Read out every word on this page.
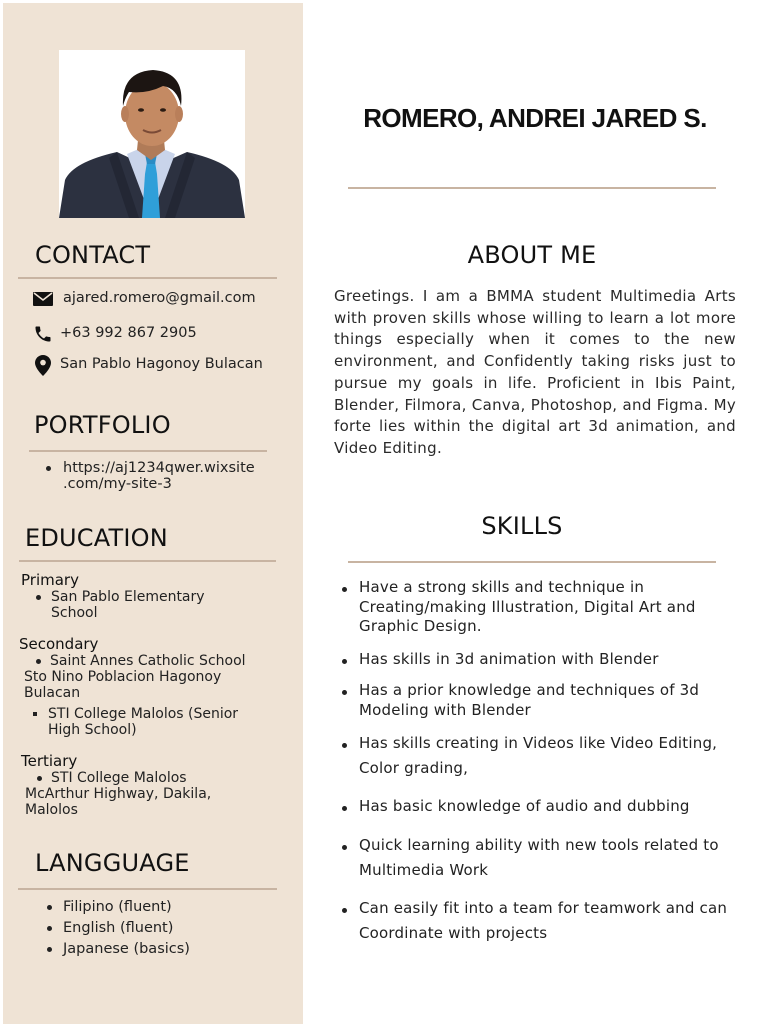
CONTACT
ajared.romero@gmail.com
+63 992 867 2905
San Pablo Hagonoy Bulacan
PORTFOLIO
https://aj1234qwer.wixsite
.com/my-site-3
EDUCATION
Primary
San Pablo Elementary
School
Secondary
Saint Annes Catholic School
Sto Nino Poblacion Hagonoy
Bulacan
STI College Malolos (Senior
High School)
Tertiary
STI College Malolos
McArthur Highway, Dakila,
Malolos
LANGGUAGE
Filipino (fluent)
English (fluent)
Japanese (basics)
ROMERO, ANDREI JARED S.
ABOUT ME

Greetings. I am a BMMA student Multimedia Arts with proven skills whose willing to learn a lot more things especially when it comes to the new environment, and Confidently taking risks just to pursue my goals in life. Proficient in Ibis Paint, Blender, Filmora, Canva, Photoshop, and Figma. My forte lies within the digital art 3d animation, and Video Editing.

SKILLS
Have a strong skills and technique in Creating/making Illustration, Digital Art and Graphic Design.
Has skills in 3d animation with Blender
Has a prior knowledge and techniques of 3d Modeling with Blender
Has skills creating in Videos like Video Editing, Color grading,
Has basic knowledge of audio and dubbing
Quick learning ability with new tools related to Multimedia Work
Can easily fit into a team for teamwork and can Coordinate with projects
